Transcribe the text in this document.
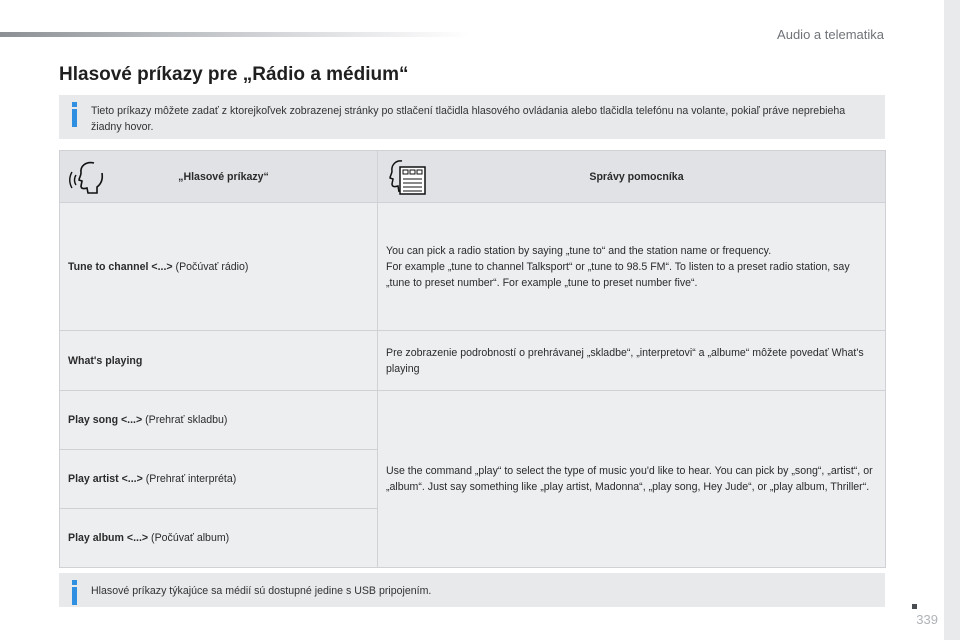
Audio a telematika
Hlasové príkazy pre „Rádio a médium“
Tieto príkazy môžete zadať z ktorejkoľvek zobrazenej stránky po stlačení tlačidla hlasového ovládania alebo tlačidla telefónu na volante, pokiaľ práve neprebieha žiadny hovor.
„Hlasové príkazy“	Správy pomocníka

Tune to channel <...> (Počúvať rádio)	You can pick a radio station by saying „tune to“ and the station name or frequency.
For example „tune to channel Talksport“ or „tune to 98.5 FM“. To listen to a preset radio station, say „tune to preset number“. For example „tune to preset number five“.

What's playing	Pre zobrazenie podrobností o prehrávanej „skladbe“, „interpretovi“ a „albume“ môžete povedať What's playing
Play song <...> (Prehrať skladbu)	Use the command „play“ to select the type of music you'd like to hear. You can pick by „song“, „artist“, or „album“. Just say something like „play artist, Madonna“, „play song, Hey Jude“, or „play album, Thriller“.
Play artist <...> (Prehrať interpréta)	
Play album <...> (Počúvať album)	
Hlasové príkazy týkajúce sa médií sú dostupné jedine s USB pripojením.
339
